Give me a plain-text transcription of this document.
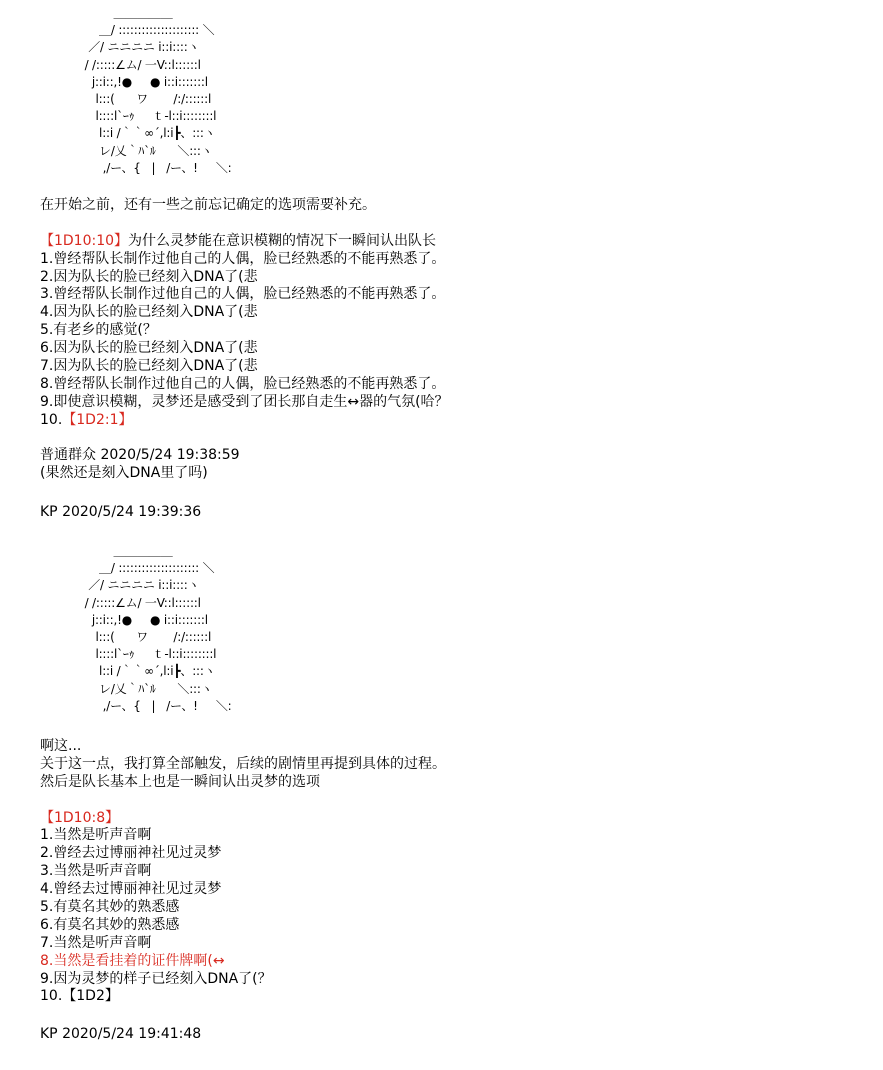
＿＿＿＿＿
＿/ ::::::::::::::::::::: ＼
／/ ニニニニ i::i::::ヽ
/ /:::::∠ム/ 一V::l::::::l
j::i::,!●     ● i::i:::::::l
l:::(      ワ       /:/::::::l
l::::l`ｰｩ     ｔ-l::i::::::::l
l::i /｀｀∞´,l:i┣、:::ヽ
レ/乂｀ﾊ`ﾙ      ＼:::ヽ
,/ー、{   |   /ー、!     ＼:
在开始之前，还有一些之前忘记确定的选项需要补充。
【1D10:10】为什么灵梦能在意识模糊的情况下一瞬间认出队长
1.曾经帮队长制作过他自己的人偶，脸已经熟悉的不能再熟悉了。
2.因为队长的脸已经刻入DNA了(悲
3.曾经帮队长制作过他自己的人偶，脸已经熟悉的不能再熟悉了。
4.因为队长的脸已经刻入DNA了(悲
5.有老乡的感觉(？
6.因为队长的脸已经刻入DNA了(悲
7.因为队长的脸已经刻入DNA了(悲
8.曾经帮队长制作过他自己的人偶，脸已经熟悉的不能再熟悉了。
9.即使意识模糊，灵梦还是感受到了团长那自走生↔器的气氛(哈？
10.【1D2:1】
普通群众 2020/5/24 19:38:59
(果然还是刻入DNA里了吗)
KP 2020/5/24 19:39:36
＿＿＿＿＿
＿/ ::::::::::::::::::::: ＼
／/ ニニニニ i::i::::ヽ
/ /:::::∠ム/ 一V::l::::::l
j::i::,!●     ● i::i:::::::l
l:::(      ワ       /:/::::::l
l::::l`ｰｩ     ｔ-l::i::::::::l
l::i /｀｀∞´,l:i┣、:::ヽ
レ/乂｀ﾊ`ﾙ      ＼:::ヽ
,/ー、{   |   /ー、!     ＼:
啊这...
关于这一点，我打算全部触发，后续的剧情里再提到具体的过程。
然后是队长基本上也是一瞬间认出灵梦的选项
【1D10:8】
1.当然是听声音啊
2.曾经去过博丽神社见过灵梦
3.当然是听声音啊
4.曾经去过博丽神社见过灵梦
5.有莫名其妙的熟悉感
6.有莫名其妙的熟悉感
7.当然是听声音啊
8.当然是看挂着的证件牌啊(↔
9.因为灵梦的样子已经刻入DNA了(？
10.【1D2】
KP 2020/5/24 19:41:48
